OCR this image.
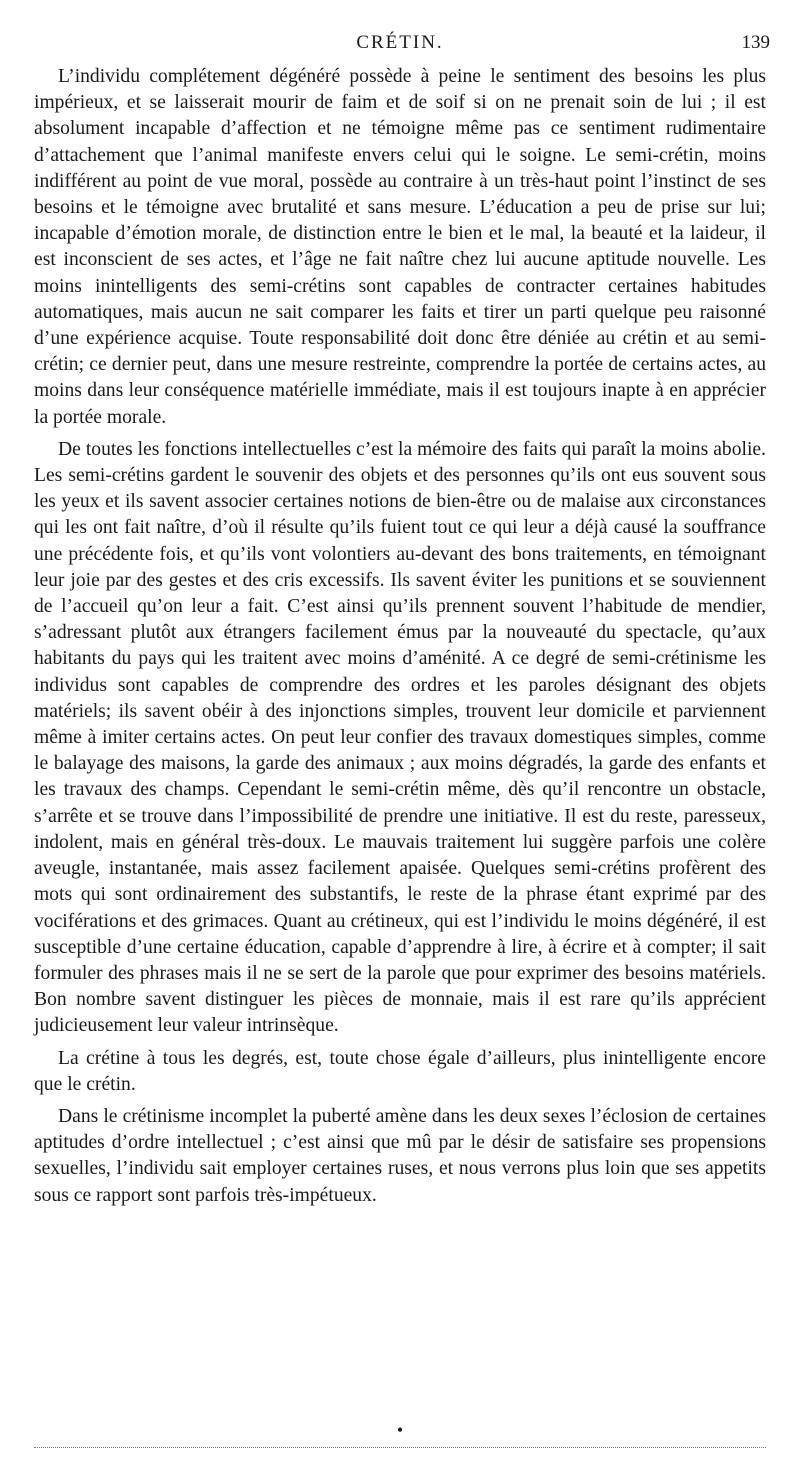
CRÉTIN.	139

L’individu complétement dégénéré possède à peine le sentiment des besoins les plus impérieux, et se laisserait mourir de faim et de soif si on ne prenait soin de lui ; il est absolument incapable d’affection et ne témoigne même pas ce sentiment rudimentaire d’attachement que l’animal manifeste envers celui qui le soigne. Le semi-crétin, moins indifférent au point de vue moral, possède au contraire à un très-haut point l’instinct de ses besoins et le témoigne avec brutalité et sans mesure. L’éducation a peu de prise sur lui; incapable d’émotion morale, de distinction entre le bien et le mal, la beauté et la laideur, il est inconscient de ses actes, et l’âge ne fait naître chez lui aucune aptitude nouvelle. Les moins inintelligents des semi-crétins sont capables de contracter certaines habitudes automatiques, mais aucun ne sait comparer les faits et tirer un parti quelque peu raisonné d’une expérience acquise. Toute responsabilité doit donc être déniée au crétin et au semi-crétin; ce dernier peut, dans une mesure restreinte, comprendre la portée de certains actes, au moins dans leur conséquence matérielle immédiate, mais il est toujours inapte à en apprécier la portée morale.

De toutes les fonctions intellectuelles c’est la mémoire des faits qui paraît la moins abolie. Les semi-crétins gardent le souvenir des objets et des personnes qu’ils ont eus souvent sous les yeux et ils savent associer certaines notions de bien-être ou de malaise aux circonstances qui les ont fait naître, d’où il résulte qu’ils fuient tout ce qui leur a déjà causé la souffrance une précédente fois, et qu’ils vont volontiers au-devant des bons traitements, en témoignant leur joie par des gestes et des cris excessifs. Ils savent éviter les punitions et se souviennent de l’accueil qu’on leur a fait. C’est ainsi qu’ils prennent souvent l’habitude de mendier, s’adressant plutôt aux étrangers facilement émus par la nouveauté du spectacle, qu’aux habitants du pays qui les traitent avec moins d’aménité. A ce degré de semi-crétinisme les individus sont capables de comprendre des ordres et les paroles désignant des objets matériels; ils savent obéir à des injonctions simples, trouvent leur domicile et parviennent même à imiter certains actes. On peut leur confier des travaux domestiques simples, comme le balayage des maisons, la garde des animaux ; aux moins dégradés, la garde des enfants et les travaux des champs. Cependant le semi-crétin même, dès qu’il rencontre un obstacle, s’arrête et se trouve dans l’impossibilité de prendre une initiative. Il est du reste, paresseux, indolent, mais en général très-doux. Le mauvais traitement lui suggère parfois une colère aveugle, instantanée, mais assez facilement apaisée. Quelques semi-crétins profèrent des mots qui sont ordinairement des substantifs, le reste de la phrase étant exprimé par des vociférations et des grimaces. Quant au crétineux, qui est l’individu le moins dégénéré, il est susceptible d’une certaine éducation, capable d’apprendre à lire, à écrire et à compter; il sait formuler des phrases mais il ne se sert de la parole que pour exprimer des besoins matériels. Bon nombre savent distinguer les pièces de monnaie, mais il est rare qu’ils apprécient judicieusement leur valeur intrinsèque.

La crétine à tous les degrés, est, toute chose égale d’ailleurs, plus inintelligente encore que le crétin.

Dans le crétinisme incomplet la puberté amène dans les deux sexes l’éclosion de certaines aptitudes d’ordre intellectuel ; c’est ainsi que mû par le désir de satisfaire ses propensions sexuelles, l’individu sait employer certaines ruses, et nous verrons plus loin que ses appetits sous ce rapport sont parfois très-impétueux.

•
